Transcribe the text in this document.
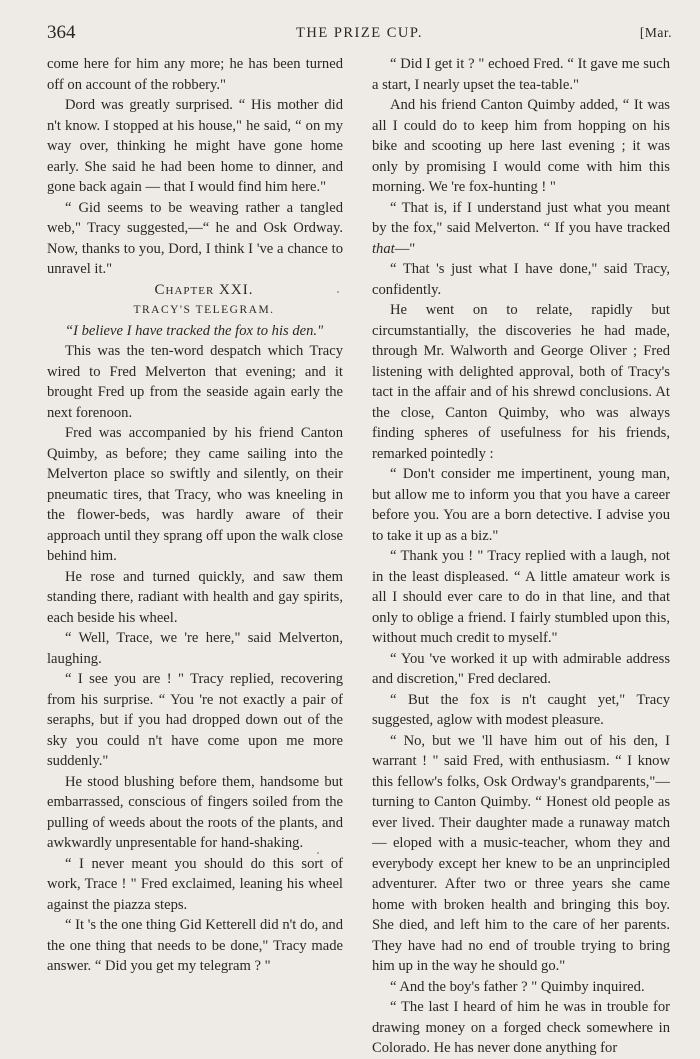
364	THE PRIZE CUP.	[Mar.

come here for him any more; he has been turned off on account of the robbery."

Dord was greatly surprised. “ His mother did n't know. I stopped at his house," he said, “ on my way over, thinking he might have gone home early. She said he had been home to dinner, and gone back again — that I would find him here."

“ Gid seems to be weaving rather a tangled web," Tracy suggested,—“ he and Osk Ordway. Now, thanks to you, Dord, I think I 've a chance to unravel it."

Chapter XXI.

TRACY'S TELEGRAM.

“I believe I have tracked the fox to his den."

This was the ten-word despatch which Tracy wired to Fred Melverton that evening; and it brought Fred up from the seaside again early the next forenoon.

Fred was accompanied by his friend Canton Quimby, as before; they came sailing into the Melverton place so swiftly and silently, on their pneumatic tires, that Tracy, who was kneeling in the flower-beds, was hardly aware of their approach until they sprang off upon the walk close behind him.

He rose and turned quickly, and saw them standing there, radiant with health and gay spirits, each beside his wheel.

“ Well, Trace, we 're here," said Melverton, laughing.

“ I see you are ! " Tracy replied, recovering from his surprise. “ You 're not exactly a pair of seraphs, but if you had dropped down out of the sky you could n't have come upon me more suddenly."

He stood blushing before them, handsome but embarrassed, conscious of fingers soiled from the pulling of weeds about the roots of the plants, and awkwardly unpresentable for hand-shaking.

“ I never meant you should do this sort of work, Trace ! " Fred exclaimed, leaning his wheel against the piazza steps.

“ It 's the one thing Gid Ketterell did n't do, and the one thing that needs to be done," Tracy made answer. “ Did you get my telegram ? "

“ Did I get it ? " echoed Fred. “ It gave me such a start, I nearly upset the tea-table."

And his friend Canton Quimby added, “ It was all I could do to keep him from hopping on his bike and scooting up here last evening ; it was only by promising I would come with him this morning. We 're fox-hunting ! "

“ That is, if I understand just what you meant by the fox," said Melverton. “ If you have tracked that—"

“ That 's just what I have done," said Tracy, confidently.

He went on to relate, rapidly but circumstantially, the discoveries he had made, through Mr. Walworth and George Oliver ; Fred listening with delighted approval, both of Tracy's tact in the affair and of his shrewd conclusions. At the close, Canton Quimby, who was always finding spheres of usefulness for his friends, remarked pointedly :

“ Don't consider me impertinent, young man, but allow me to inform you that you have a career before you. You are a born detective. I advise you to take it up as a biz."

“ Thank you ! " Tracy replied with a laugh, not in the least displeased. “ A little amateur work is all I should ever care to do in that line, and that only to oblige a friend. I fairly stumbled upon this, without much credit to myself."

“ You 've worked it up with admirable address and discretion," Fred declared.

“ But the fox is n't caught yet," Tracy suggested, aglow with modest pleasure.

“ No, but we 'll have him out of his den, I warrant ! " said Fred, with enthusiasm. “ I know this fellow's folks, Osk Ordway's grandparents,"— turning to Canton Quimby. “ Honest old people as ever lived. Their daughter made a runaway match — eloped with a music-teacher, whom they and everybody except her knew to be an unprincipled adventurer. After two or three years she came home with broken health and bringing this boy. She died, and left him to the care of her parents. They have had no end of trouble trying to bring him up in the way he should go."

“ And the boy's father ? " Quimby inquired.

“ The last I heard of him he was in trouble for drawing money on a forged check somewhere in Colorado. He has never done anything for
